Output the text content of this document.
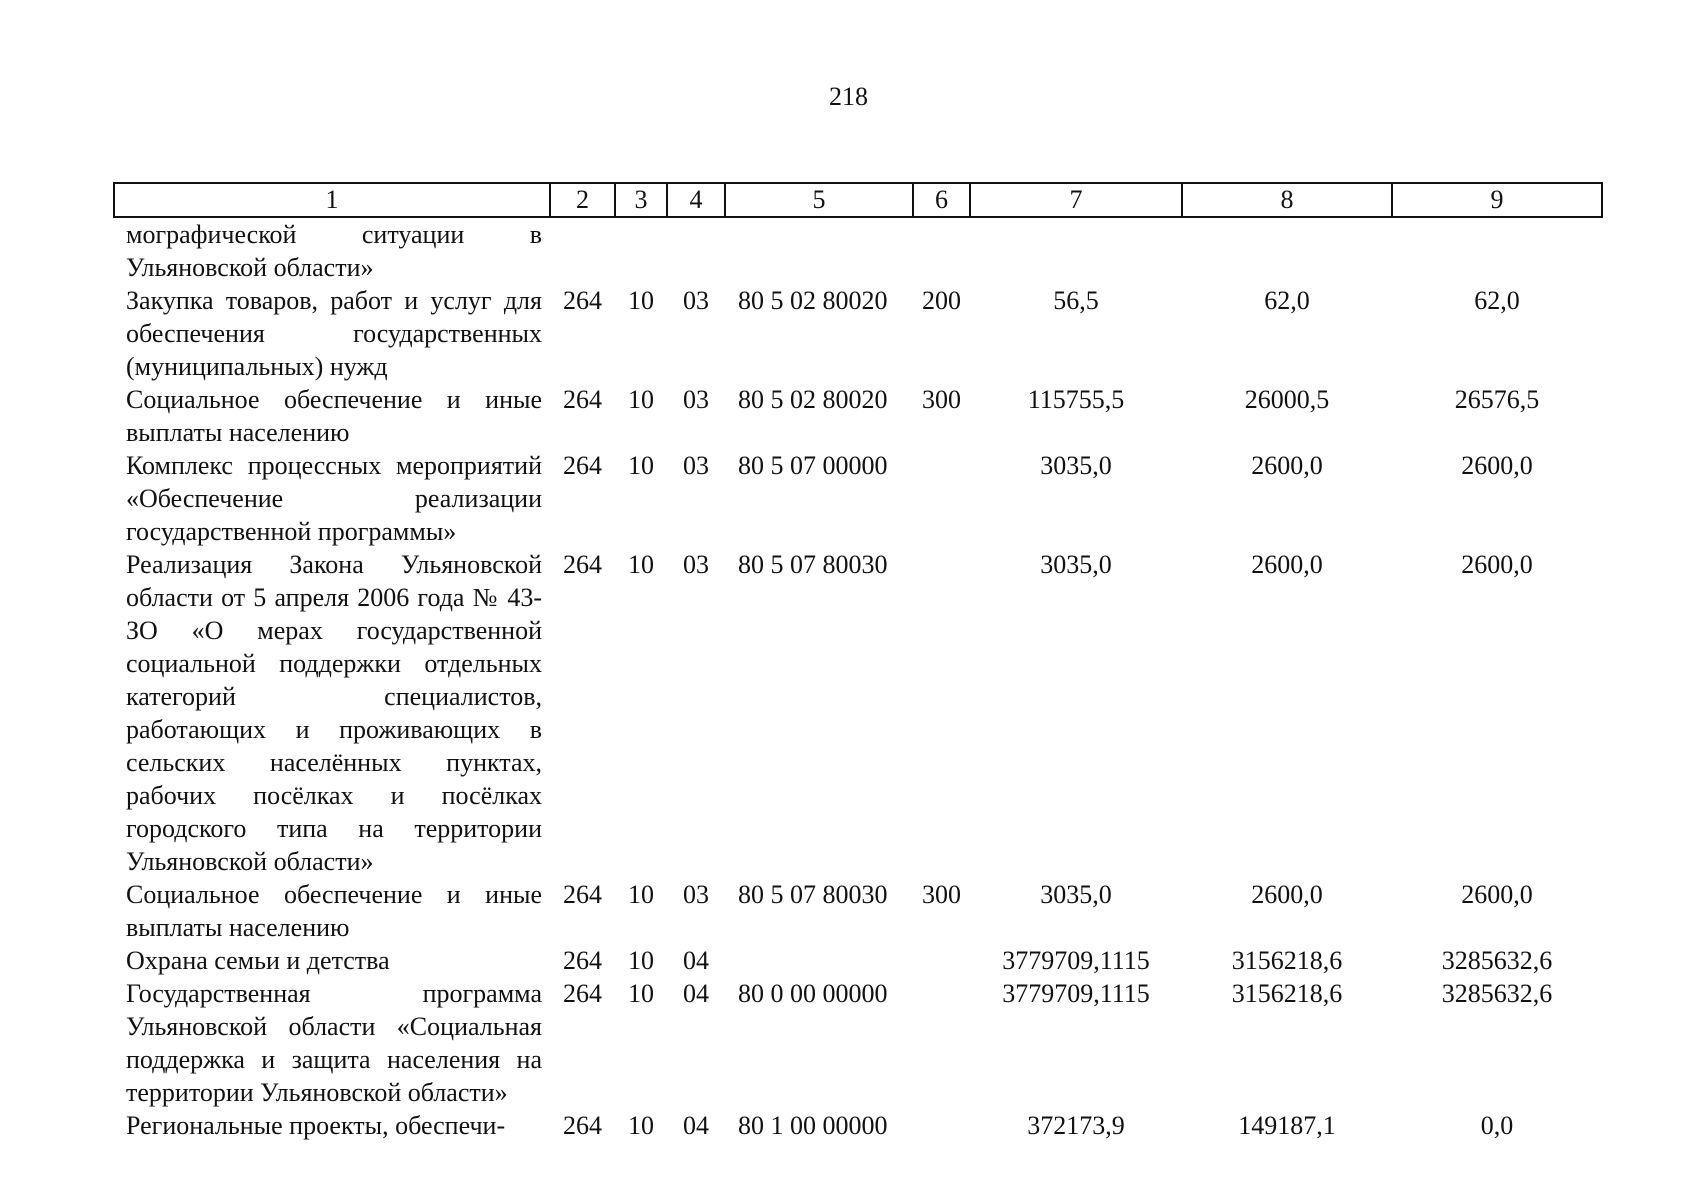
218
1	2	3	4	5	6	7	8	9
мографической ситуации в Ульяновской области»								
Закупка товаров, работ и услуг для обеспечения государственных (муниципальных) нужд	264	10	03	80 5 02 80020	200	56,5	62,0	62,0
Социальное обеспечение и иные выплаты населению	264	10	03	80 5 02 80020	300	115755,5	26000,5	26576,5
Комплекс процессных мероприятий «Обеспечение реализации государственной программы»	264	10	03	80 5 07 00000		3035,0	2600,0	2600,0
Реализация Закона Ульяновской области от 5 апреля 2006 года № 43-ЗО «О мерах государственной социальной поддержки отдельных категорий специалистов, работающих и проживающих в сельских населённых пунктах, рабочих посёлках и посёлках городского типа на территории Ульяновской области»	264	10	03	80 5 07 80030		3035,0	2600,0	2600,0
Социальное обеспечение и иные выплаты населению	264	10	03	80 5 07 80030	300	3035,0	2600,0	2600,0
Охрана семьи и детства	264	10	04			3779709,1115	3156218,6	3285632,6
Государственная программа Ульяновской области «Социальная поддержка и защита населения на территории Ульяновской области»	264	10	04	80 0 00 00000		3779709,1115	3156218,6	3285632,6
Региональные проекты, обеспечи-	264	10	04	80 1 00 00000		372173,9	149187,1	0,0
